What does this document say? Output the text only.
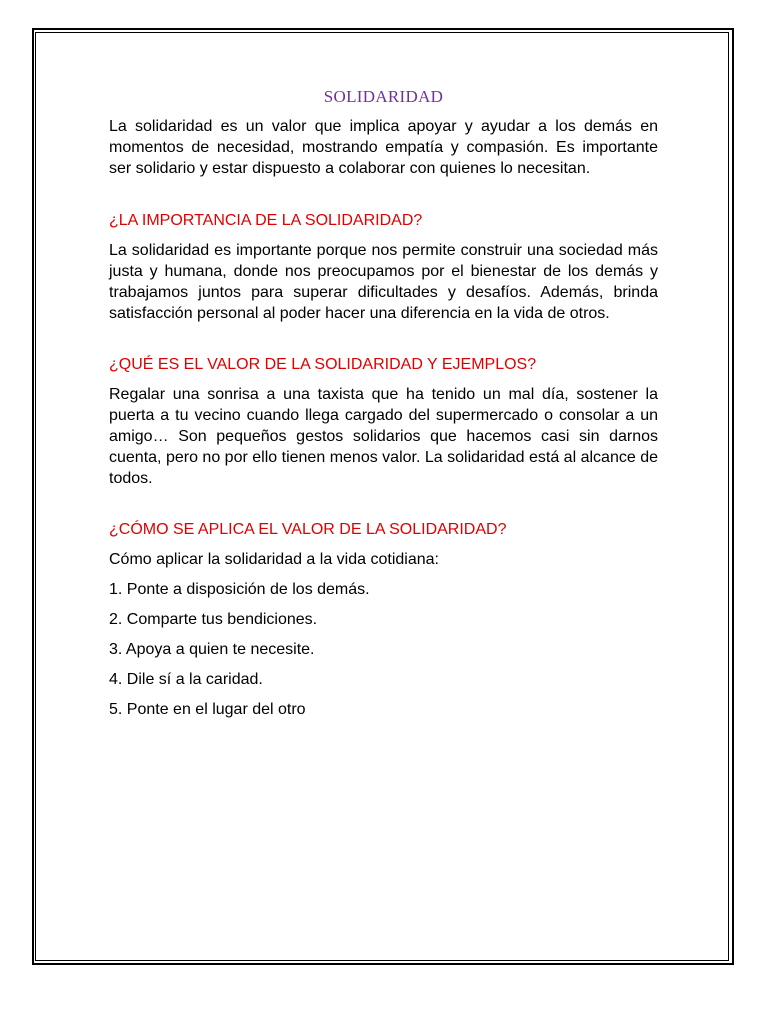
SOLIDARIDAD

La solidaridad es un valor que implica apoyar y ayudar a los demás en momentos de necesidad, mostrando empatía y compasión. Es importante ser solidario y estar dispuesto a colaborar con quienes lo necesitan.

¿LA IMPORTANCIA DE LA SOLIDARIDAD?

La solidaridad es importante porque nos permite construir una sociedad más justa y humana, donde nos preocupamos por el bienestar de los demás y trabajamos juntos para superar dificultades y desafíos. Además, brinda satisfacción personal al poder hacer una diferencia en la vida de otros.

¿QUÉ ES EL VALOR DE LA SOLIDARIDAD Y EJEMPLOS?

Regalar una sonrisa a una taxista que ha tenido un mal día, sostener la puerta a tu vecino cuando llega cargado del supermercado o consolar a un amigo… Son pequeños gestos solidarios que hacemos casi sin darnos cuenta, pero no por ello tienen menos valor. La solidaridad está al alcance de todos.

¿CÓMO SE APLICA EL VALOR DE LA SOLIDARIDAD?

Cómo aplicar la solidaridad a la vida cotidiana:

1. Ponte a disposición de los demás.

2. Comparte tus bendiciones.

3. Apoya a quien te necesite.

4. Dile sí a la caridad.

5. Ponte en el lugar del otro
